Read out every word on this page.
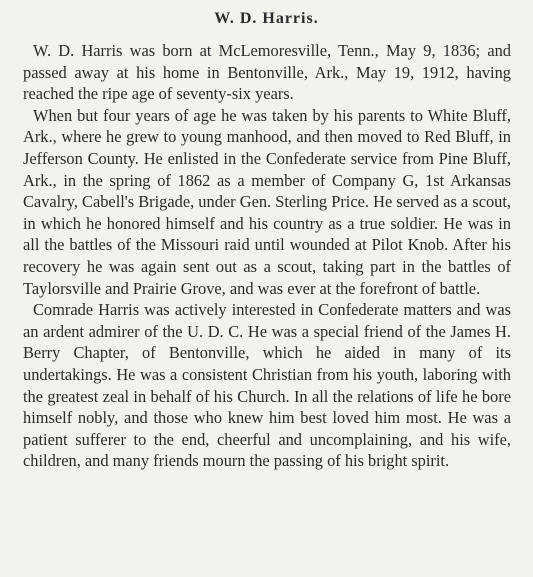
W. D. Harris.

W. D. Harris was born at McLemoresville, Tenn., May 9, 1836; and passed away at his home in Bentonville, Ark., May 19, 1912, having reached the ripe age of seventy-six years.

When but four years of age he was taken by his parents to White Bluff, Ark., where he grew to young manhood, and then moved to Red Bluff, in Jefferson County. He enlisted in the Confederate service from Pine Bluff, Ark., in the spring of 1862 as a member of Company G, 1st Arkansas Cavalry, Cabell's Brigade, under Gen. Sterling Price. He served as a scout, in which he honored himself and his country as a true soldier. He was in all the battles of the Missouri raid until wounded at Pilot Knob. After his recovery he was again sent out as a scout, taking part in the battles of Taylorsville and Prairie Grove, and was ever at the forefront of battle.

Comrade Harris was actively interested in Confederate matters and was an ardent admirer of the U. D. C. He was a special friend of the James H. Berry Chapter, of Bentonville, which he aided in many of its undertakings. He was a consistent Christian from his youth, laboring with the greatest zeal in behalf of his Church. In all the relations of life he bore himself nobly, and those who knew him best loved him most. He was a patient sufferer to the end, cheerful and uncomplaining, and his wife, children, and many friends mourn the passing of his bright spirit.
